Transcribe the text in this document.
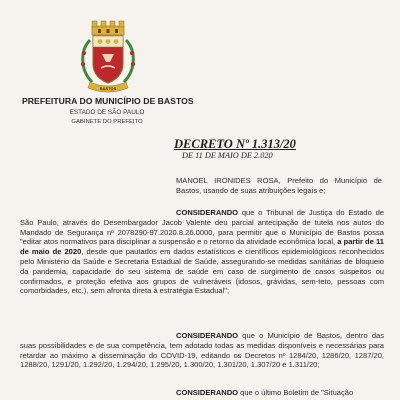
BASTOS
PREFEITURA DO MUNICÍPIO DE BASTOS
ESTADO DE SÃO PAULO
GABINETE DO PREFEITO
DECRETO Nº 1.313/20
DE 11 DE MAIO DE 2.020
MANOEL IRONIDES ROSA, Prefeito do Município de Bastos, usando de suas atribuições legais e;
CONSIDERANDO que o Tribunal de Justiça do Estado de São Paulo, através do Desembargador Jacob Valente deu parcial antecipação de tutela nos autos do Mandado de Segurança nº 2078290-97.2020.8.26.0000, para permitir que o Município de Bastos possa "editar atos normativos para disciplinar a suspensão e o retorno da atividade econômica local, a partir de 11 de maio de 2020, desde que pautados em dados estatísticos e científicos epidemiológicos reconhecidos pelo Ministério da Saúde e Secretaria Estadual de Saúde, assegurando-se medidas sanitárias de bloqueio da pandemia, capacidade do seu sistema de saúde em caso de surgimento de casos suspeitos ou confirmados, e proteção efetiva aos grupos de vulneráveis (idosos, grávidas, sem-teto, pessoas com comorbidades, etc.), sem afronta direta à estratégia Estadual";
CONSIDERANDO que o Município de Bastos, dentro das suas possibilidades e de sua competência, tem adotado todas as medidas disponíveis e necessárias para retardar ao máximo a disseminação do COVID-19, editando os Decretos nº 1284/20, 1286/20, 1287/20, 1288/20, 1291/20, 1.292/20, 1.294/20, 1.295/20, 1.300/20, 1.301/20, 1.307/20 e 1.311/20;
CONSIDERANDO que o último Boletim de "Situação
